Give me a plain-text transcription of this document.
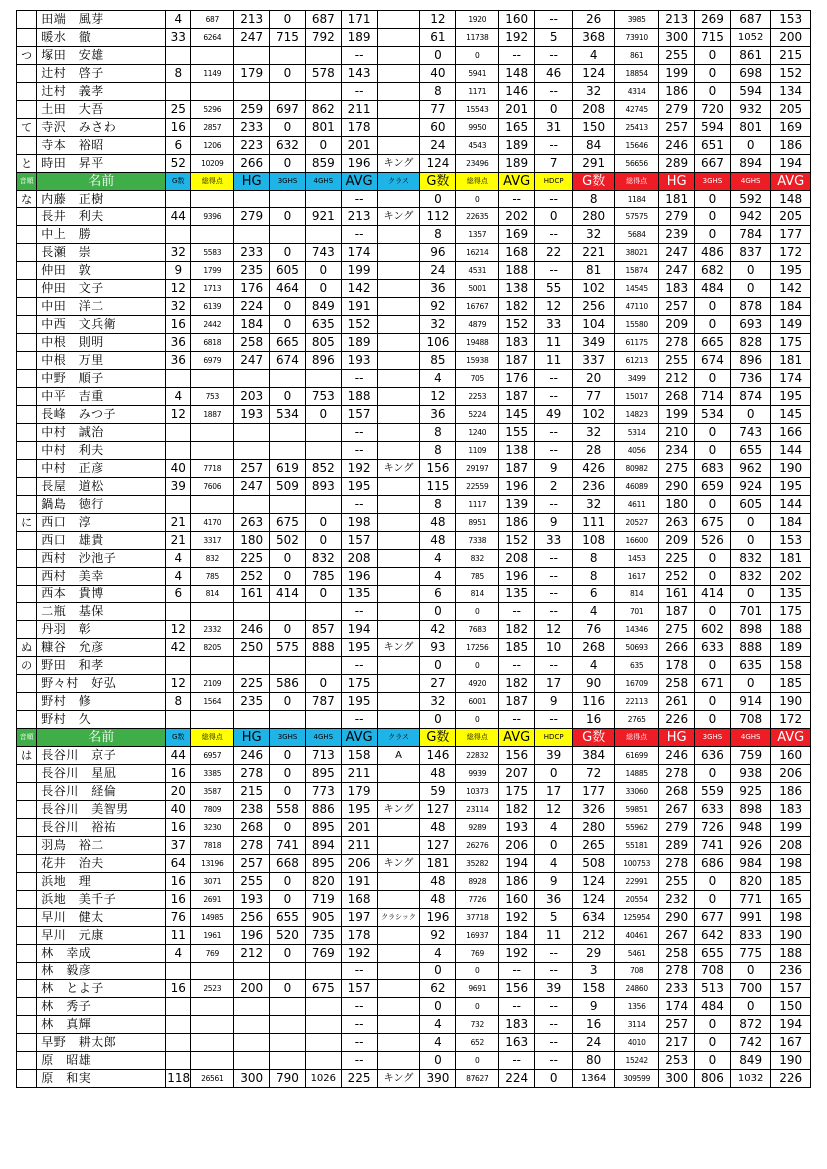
	田端　風芽	4	687	213	0	687	171		12	1920	160	--	26	3985	213	269	687	153
	暖水　徹	33	6264	247	715	792	189		61	11738	192	5	368	73910	300	715	1052	200
つ	塚田　安雄						--		0	0	--	--	4	861	255	0	861	215
	辻村　啓子	8	1149	179	0	578	143		40	5941	148	46	124	18854	199	0	698	152
	辻村　義孝						--		8	1171	146	--	32	4314	186	0	594	134
	土田　大吾	25	5296	259	697	862	211		77	15543	201	0	208	42745	279	720	932	205
て	寺沢　みさわ	16	2857	233	0	801	178		60	9950	165	31	150	25413	257	594	801	169
	寺本　裕昭	6	1206	223	632	0	201		24	4543	189	--	84	15646	246	651	0	186
と	時田　昇平	52	10209	266	0	859	196	キング	124	23496	189	7	291	56656	289	667	894	194
音順	名前	G数	総得点	HG	3GHS	4GHS	AVG	クラス	G数	総得点	AVG	HDCP	G数	総得点	HG	3GHS	4GHS	AVG
な	内藤　正樹						--		0	0	--	--	8	1184	181	0	592	148
	長井　利夫	44	9396	279	0	921	213	キング	112	22635	202	0	280	57575	279	0	942	205
	中上　勝						--		8	1357	169	--	32	5684	239	0	784	177
	長瀬　崇	32	5583	233	0	743	174		96	16214	168	22	221	38021	247	486	837	172
	仲田　敦	9	1799	235	605	0	199		24	4531	188	--	81	15874	247	682	0	195
	仲田　文子	12	1713	176	464	0	142		36	5001	138	55	102	14545	183	484	0	142
	中田　洋二	32	6139	224	0	849	191		92	16767	182	12	256	47110	257	0	878	184
	中西　文兵衛	16	2442	184	0	635	152		32	4879	152	33	104	15580	209	0	693	149
	中根　則明	36	6818	258	665	805	189		106	19488	183	11	349	61175	278	665	828	175
	中根　万里	36	6979	247	674	896	193		85	15938	187	11	337	61213	255	674	896	181
	中野　順子						--		4	705	176	--	20	3499	212	0	736	174
	中平　吉重	4	753	203	0	753	188		12	2253	187	--	77	15017	268	714	874	195
	長峰　みつ子	12	1887	193	534	0	157		36	5224	145	49	102	14823	199	534	0	145
	中村　誠治						--		8	1240	155	--	32	5314	210	0	743	166
	中村　利夫						--		8	1109	138	--	28	4056	234	0	655	144
	中村　正彦	40	7718	257	619	852	192	キング	156	29197	187	9	426	80982	275	683	962	190
	長屋　道松	39	7606	247	509	893	195		115	22559	196	2	236	46089	290	659	924	195
	鍋島　徳行						--		8	1117	139	--	32	4611	180	0	605	144
に	西口　淳	21	4170	263	675	0	198		48	8951	186	9	111	20527	263	675	0	184
	西口　雄貴	21	3317	180	502	0	157		48	7338	152	33	108	16600	209	526	0	153
	西村　沙池子	4	832	225	0	832	208		4	832	208	--	8	1453	225	0	832	181
	西村　美幸	4	785	252	0	785	196		4	785	196	--	8	1617	252	0	832	202
	西本　貴博	6	814	161	414	0	135		6	814	135	--	6	814	161	414	0	135
	二瓶　基保						--		0	0	--	--	4	701	187	0	701	175
	丹羽　彰	12	2332	246	0	857	194		42	7683	182	12	76	14346	275	602	898	188
ぬ	糠谷　允彦	42	8205	250	575	888	195	キング	93	17256	185	10	268	50693	266	633	888	189
の	野田　和孝						--		0	0	--	--	4	635	178	0	635	158
	野々村　好弘	12	2109	225	586	0	175		27	4920	182	17	90	16709	258	671	0	185
	野村　修	8	1564	235	0	787	195		32	6001	187	9	116	22113	261	0	914	190
	野村　久						--		0	0	--	--	16	2765	226	0	708	172
音順	名前	G数	総得点	HG	3GHS	4GHS	AVG	クラス	G数	総得点	AVG	HDCP	G数	総得点	HG	3GHS	4GHS	AVG
は	長谷川　京子	44	6957	246	0	713	158	A	146	22832	156	39	384	61699	246	636	759	160
	長谷川　星凪	16	3385	278	0	895	211		48	9939	207	0	72	14885	278	0	938	206
	長谷川　経倫	20	3587	215	0	773	179		59	10373	175	17	177	33060	268	559	925	186
	長谷川　美智男	40	7809	238	558	886	195	キング	127	23114	182	12	326	59851	267	633	898	183
	長谷川　裕祐	16	3230	268	0	895	201		48	9289	193	4	280	55962	279	726	948	199
	羽鳥　裕二	37	7818	278	741	894	211		127	26276	206	0	265	55181	289	741	926	208
	花井　治夫	64	13196	257	668	895	206	キング	181	35282	194	4	508	100753	278	686	984	198
	浜地　理	16	3071	255	0	820	191		48	8928	186	9	124	22991	255	0	820	185
	浜地　美千子	16	2691	193	0	719	168		48	7726	160	36	124	20554	232	0	771	165
	早川　健太	76	14985	256	655	905	197	クラシック	196	37718	192	5	634	125954	290	677	991	198
	早川　元康	11	1961	196	520	735	178		92	16937	184	11	212	40461	267	642	833	190
	林　幸成	4	769	212	0	769	192		4	769	192	--	29	5461	258	655	775	188
	林　毅彦						--		0	0	--	--	3	708	278	708	0	236
	林　とよ子	16	2523	200	0	675	157		62	9691	156	39	158	24860	233	513	700	157
	林　秀子						--		0	0	--	--	9	1356	174	484	0	150
	林　真輝						--		4	732	183	--	16	3114	257	0	872	194
	早野　耕太郎						--		4	652	163	--	24	4010	217	0	742	167
	原　昭雄						--		0	0	--	--	80	15242	253	0	849	190
	原　和実	118	26561	300	790	1026	225	キング	390	87627	224	0	1364	309599	300	806	1032	226
